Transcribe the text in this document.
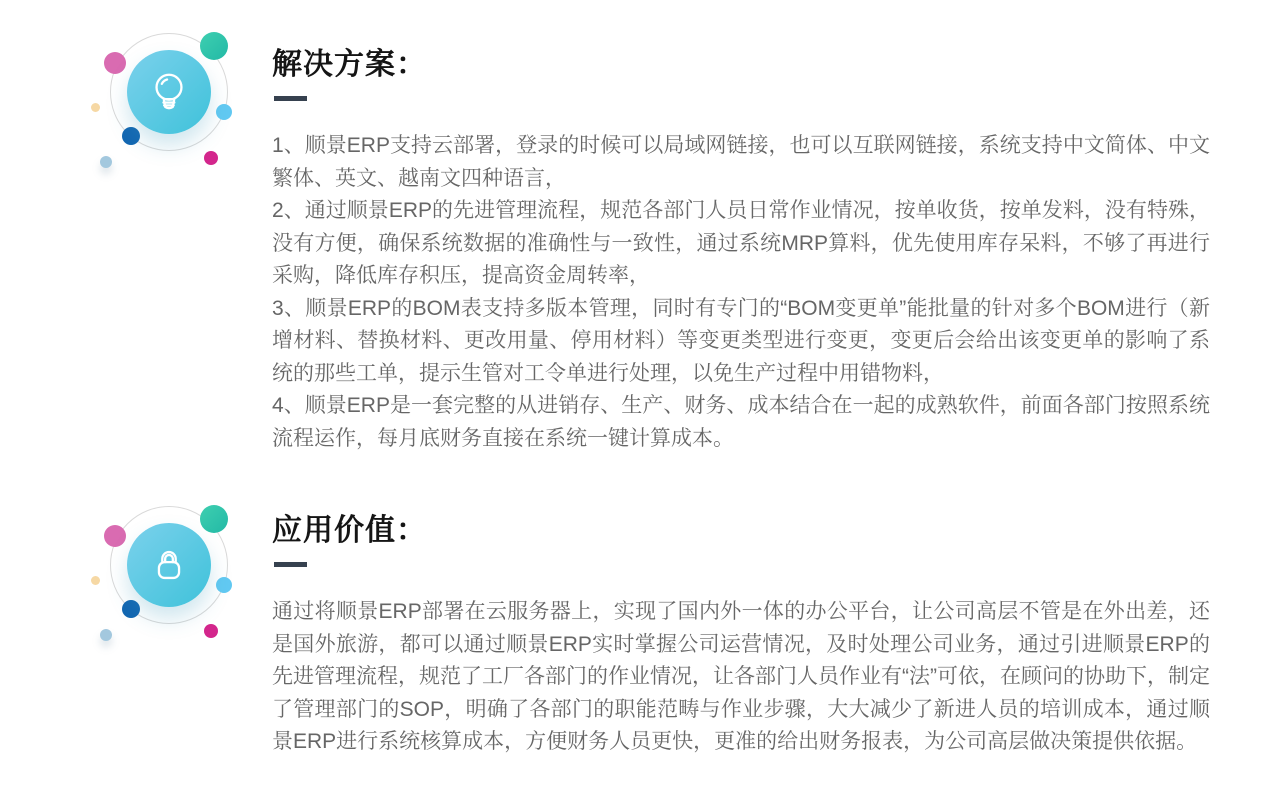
解决方案：

1、顺景ERP支持云部署，登录的时候可以局域网链接，也可以互联网链接，系统支持中文简体、中文繁体、英文、越南文四种语言，

2、通过顺景ERP的先进管理流程，规范各部门人员日常作业情况，按单收货，按单发料，没有特殊，没有方便，确保系统数据的准确性与一致性，通过系统MRP算料，优先使用库存呆料，不够了再进行采购，降低库存积压，提高资金周转率，

3、顺景ERP的BOM表支持多版本管理，同时有专门的“BOM变更单”能批量的针对多个BOM进行（新增材料、替换材料、更改用量、停用材料）等变更类型进行变更，变更后会给出该变更单的影响了系统的那些工单，提示生管对工令单进行处理，以免生产过程中用错物料，

4、顺景ERP是一套完整的从进销存、生产、财务、成本结合在一起的成熟软件，前面各部门按照系统流程运作，每月底财务直接在系统一键计算成本。

应用价值：

通过将顺景ERP部署在云服务器上，实现了国内外一体的办公平台，让公司高层不管是在外出差，还是国外旅游，都可以通过顺景ERP实时掌握公司运营情况，及时处理公司业务，通过引进顺景ERP的先进管理流程，规范了工厂各部门的作业情况，让各部门人员作业有“法”可依，在顾问的协助下，制定了管理部门的SOP，明确了各部门的职能范畴与作业步骤，大大减少了新进人员的培训成本，通过顺景ERP进行系统核算成本，方便财务人员更快，更准的给出财务报表，为公司高层做决策提供依据。
